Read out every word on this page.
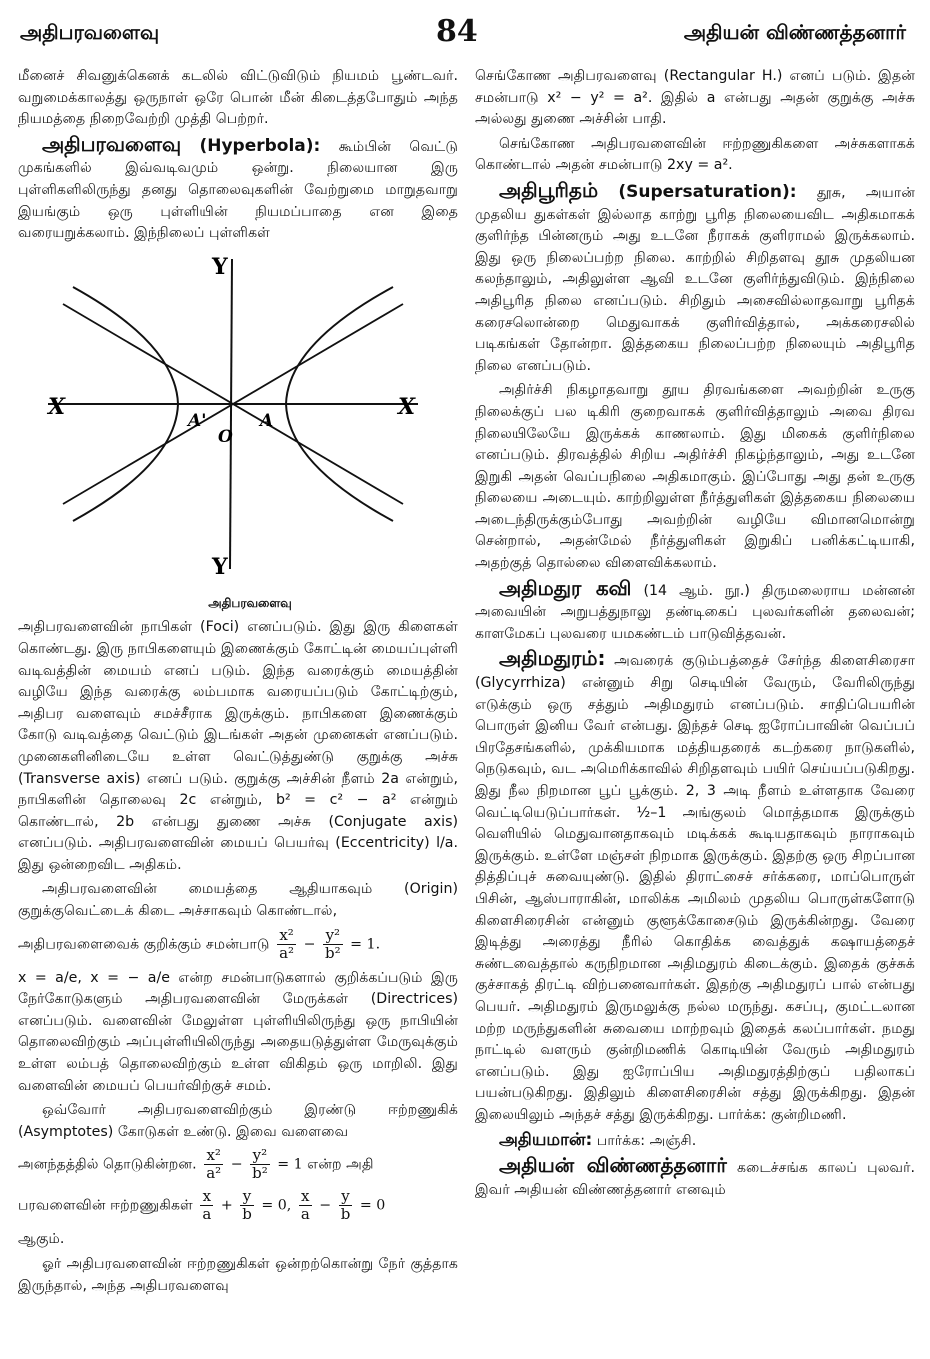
அதிபரவளைவு	84	அதியன் விண்ணத்தனார்

மீனைச் சிவனுக்கெனக் கடலில் விட்டுவிடும் நியமம் பூண்டவர். வறுமைக்காலத்து ஒருநாள் ஒரே பொன் மீன் கிடைத்தபோதும் அந்த நியமத்தை நிறைவேற்றி முத்தி பெற்றர்.

அதிபரவளைவு (Hyperbola): கூம்பின் வெட்டு முகங்களில் இவ்வடிவமும் ஒன்று. நிலையான இரு புள்ளிகளிலிருந்து தனது தொலைவுகளின் வேற்றுமை மாறுதவாறு இயங்கும் ஒரு புள்ளியின் நியமப்பாதை என இதை வரையறுக்கலாம். இந்நிலைப் புள்ளிகள்

X	X
Y
Y
A'	A
O

அதிபரவளைவு

அதிபரவளைவின் நாபிகள் (Foci) எனப்படும். இது இரு கிளைகள் கொண்டது. இரு நாபிகளையும் இணைக்கும் கோட்டின் மையப்புள்ளி வடிவத்தின் மையம் எனப் படும். இந்த வரைக்கும் மையத்தின் வழியே இந்த வரைக்கு லம்பமாக வரையப்படும் கோட்டிற்கும், அதிபர வளைவும் சமச்சீராக இருக்கும். நாபிகளை இணைக்கும் கோடு வடிவத்தை வெட்டும் இடங்கள் அதன் முனைகள் எனப்படும். முனைகளினிடையே உள்ள வெட்டுத்துண்டு குறுக்கு அச்சு (Transverse axis) எனப் படும். குறுக்கு அச்சின் நீளம் 2a என்றும், நாபிகளின் தொலைவு 2c என்றும், b² = c² − a² என்றும் கொண்டால், 2b என்பது துணை அச்சு (Conjugate axis) எனப்படும். அதிபரவளைவின் மையப் பெயர்வு (Eccentricity) l/a. இது ஒன்றைவிட அதிகம்.

அதிபரவளைவின் மையத்தை ஆதியாகவும் (Origin) குறுக்குவெட்டைக் கிடை அச்சாகவும் கொண்டால்,

அதிபரவளைவைக் குறிக்கும் சமன்பாடு $\frac{\text{x²}}{\text{a²}} - \frac{\text{y²}}{\text{b²}} = 1$.

x = a/e, x = − a/e என்ற சமன்பாடுகளால் குறிக்கப்படும் இரு நேர்கோடுகளும் அதிபரவளைவின் மேருக்கள் (Directrices) எனப்படும். வளைவின் மேலுள்ள புள்ளியிலிருந்து ஒரு நாபியின் தொலைவிற்கும் அப்புள்ளியிலிருந்து அதையடுத்துள்ள மேருவுக்கும் உள்ள லம்பத் தொலைவிற்கும் உள்ள விகிதம் ஒரு மாறிலி. இது வளைவின் மையப் பெயர்விற்குச் சமம்.

ஒவ்வோர் அதிபரவளைவிற்கும் இரண்டு ஈற்றணுகிக் (Asymptotes) கோடுகள் உண்டு. இவை வளைவை

அனந்தத்தில் தொடுகின்றன. $\frac{\text{x²}}{\text{a²}} - \frac{\text{y²}}{\text{b²}} = 1$ என்ற அதி
பரவளைவின் ஈற்றணுகிகள் $\frac{x}{a} + \frac{y}{b} = 0$, $\frac{x}{a} - \frac{y}{b} = 0$

ஆகும்.

ஓர் அதிபரவளைவின் ஈற்றணுகிகள் ஒன்றற்கொன்று நேர் குத்தாக இருந்தால், அந்த அதிபரவளைவு

செங்கோண அதிபரவளைவு (Rectangular H.) எனப் படும். இதன் சமன்பாடு x² − y² = a². இதில் a என்பது அதன் குறுக்கு அச்சு அல்லது துணை அச்சின் பாதி.

செங்கோண அதிபரவளைவின் ஈற்றணுகிகளை அச்சுகளாகக் கொண்டால் அதன் சமன்பாடு 2xy = a².

அதிபூரிதம் (Supersaturation): தூசு, அயான் முதலிய துகள்கள் இல்லாத காற்று பூரித நிலையைவிட அதிகமாகக் குளிர்ந்த பின்னரும் அது உடனே நீராகக் குளிராமல் இருக்கலாம். இது ஒரு நிலைப்பற்ற நிலை. காற்றில் சிறிதளவு தூசு முதலியன கலந்தாலும், அதிலுள்ள ஆவி உடனே குளிர்ந்துவிடும். இந்நிலை அதிபூரித நிலை எனப்படும். சிறிதும் அசைவில்லாதவாறு பூரிதக் கரைசலொன்றை மெதுவாகக் குளிர்வித்தால், அக்கரைசலில் படிகங்கள் தோன்றா. இத்தகைய நிலைப்பற்ற நிலையும் அதிபூரித நிலை எனப்படும்.

அதிர்ச்சி நிகழாதவாறு தூய திரவங்களை அவற்றின் உருகு நிலைக்குப் பல டிகிரி குறைவாகக் குளிர்வித்தாலும் அவை திரவ நிலையிலேயே இருக்கக் காணலாம். இது மிகைக் குளிர்நிலை எனப்படும். திரவத்தில் சிறிய அதிர்ச்சி நிகழ்ந்தாலும், அது உடனே இறுகி அதன் வெப்பநிலை அதிகமாகும். இப்போது அது தன் உருகு நிலையை அடையும். காற்றிலுள்ள நீர்த்துளிகள் இத்தகைய நிலையை அடைந்திருக்கும்போது அவற்றின் வழியே விமானமொன்று சென்றால், அதன்மேல் நீர்த்துளிகள் இறுகிப் பனிக்கட்டியாகி, அதற்குத் தொல்லை விளைவிக்கலாம்.

அதிமதுர கவி (14 ஆம். நூ.) திருமலைராய மன்னன் அவையின் அறுபத்துநாலு தண்டிகைப் புலவர்களின் தலைவன்; காளமேகப் புலவரை யமகண்டம் பாடுவித்தவன்.

அதிமதுரம்: அவரைக் குடும்பத்தைச் சேர்ந்த கிளைசிரைசா (Glycyrrhiza) என்னும் சிறு செடியின் வேரும், வேரிலிருந்து எடுக்கும் ஒரு சத்தும் அதிமதுரம் எனப்படும். சாதிப்பெயரின் பொருள் இனிய வேர் என்பது. இந்தச் செடி ஐரோப்பாவின் வெப்பப் பிரதேசங்களில், முக்கியமாக மத்தியதரைக் கடற்கரை நாடுகளில், நெடுகவும், வட அமெரிக்காவில் சிறிதளவும் பயிர் செய்யப்படுகிறது. இது நீல நிறமான பூப் பூக்கும். 2, 3 அடி நீளம் உள்ளதாக வேரை வெட்டியெடுப்பார்கள். ½–1 அங்குலம் மொத்தமாக இருக்கும் வெளியில் மெதுவானதாகவும் மடிக்கக் கூடியதாகவும் நாராகவும் இருக்கும். உள்ளே மஞ்சள் நிறமாக இருக்கும். இதற்கு ஒரு சிறப்பான தித்திப்புச் சுவையுண்டு. இதில் திராட்சைச் சர்க்கரை, மாப்பொருள் பிசின், ஆஸ்பாராகின், மாலிக்க அமிலம் முதலிய பொருள்களோடு கிளைசிரைசின் என்னும் குளூக்கோசைடும் இருக்கின்றது. வேரை இடித்து அரைத்து நீரில் கொதிக்க வைத்துக் கஷாயத்தைச் சுண்டவைத்தால் கருநிறமான அதிமதுரம் கிடைக்கும். இதைக் குச்சுக் குச்சாகத் திரட்டி விற்பனைவார்கள். இதற்கு அதிமதுரப் பால் என்பது பெயர். அதிமதுரம் இருமலுக்கு நல்ல மருந்து. கசப்பு, குமட்டலான மற்ற மருந்துகளின் சுவையை மாற்றவும் இதைக் கலப்பார்கள். நமது நாட்டில் வளரும் குன்றிமணிக் கொடியின் வேரும் அதிமதுரம் எனப்படும். இது ஐரோப்பிய அதிமதுரத்திற்குப் பதிலாகப் பயன்படுகிறது. இதிலும் கிளைசிரைசின் சத்து இருக்கிறது. இதன் இலையிலும் அந்தச் சத்து இருக்கிறது. பார்க்க: குன்றிமணி.

அதியமான்: பார்க்க: அஞ்சி.

அதியன் விண்ணத்தனார் கடைச்சங்க காலப் புலவர். இவர் அதியன் விண்ணத்தனார் எனவும்
